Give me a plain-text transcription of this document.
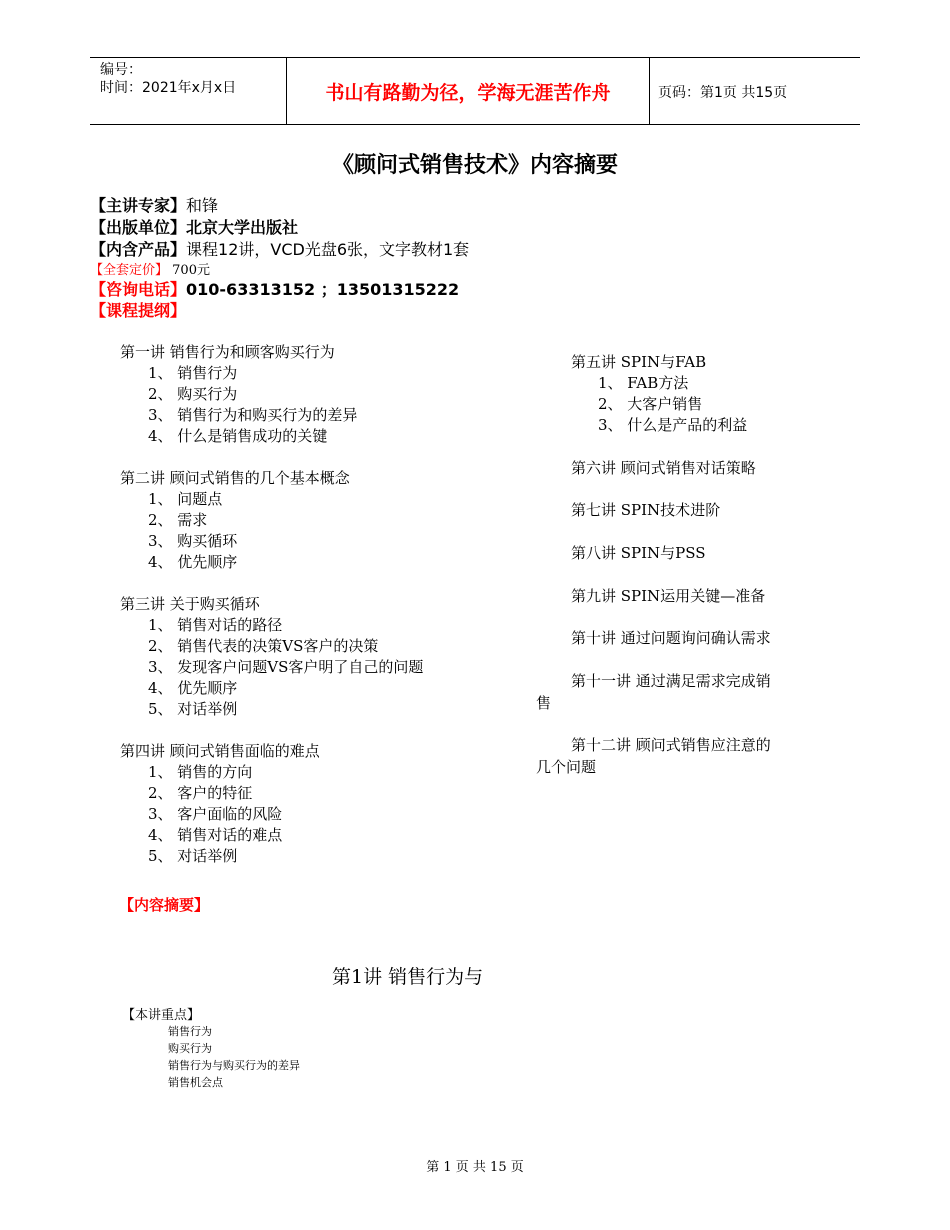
编号：
时间：2021年x月x日	书山有路勤为径，学海无涯苦作舟	页码：第1页 共15页
《顾问式销售技术》内容摘要
【主讲专家】和锋
【出版单位】北京大学出版社
【内含产品】课程12讲，VCD光盘6张，文字教材1套
【全套定价】 700元
【咨询电话】010-63313152 ；13501315222
【课程提纲】
第一讲 销售行为和顾客购买行为
1、 销售行为
2、 购买行为
3、 销售行为和购买行为的差异
4、 什么是销售成功的关键
第二讲 顾问式销售的几个基本概念
1、 问题点
2、 需求
3、 购买循环
4、 优先顺序
第三讲 关于购买循环
1、 销售对话的路径
2、 销售代表的决策VS客户的决策
3、 发现客户问题VS客户明了自己的问题
4、 优先顺序
5、 对话举例
第四讲 顾问式销售面临的难点
1、 销售的方向
2、 客户的特征
3、 客户面临的风险
4、 销售对话的难点
5、 对话举例
第五讲 SPIN与FAB
1、 FAB方法
2、 大客户销售
3、 什么是产品的利益
第六讲 顾问式销售对话策略
第七讲 SPIN技术进阶
第八讲 SPIN与PSS
第九讲 SPIN运用关键—准备
第十讲 通过问题询问确认需求
第十一讲 通过满足需求完成销
售
第十二讲 顾问式销售应注意的
几个问题
【内容摘要】
第1讲 销售行为与
【本讲重点】
销售行为
购买行为
销售行为与购买行为的差异
销售机会点
第 1 页 共 15 页
